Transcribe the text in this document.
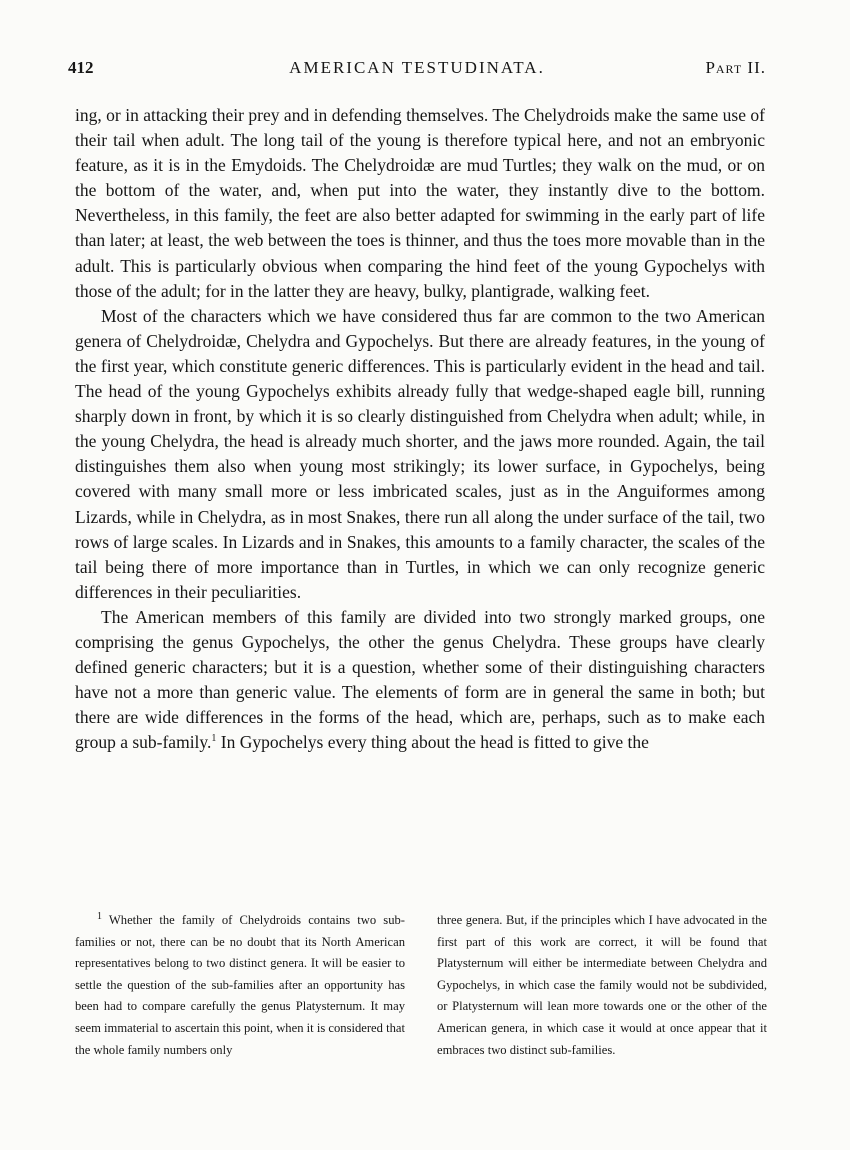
412	AMERICAN TESTUDINATA.	Part II.

ing, or in attacking their prey and in defending themselves. The Chelydroids make the same use of their tail when adult. The long tail of the young is therefore typical here, and not an embryonic feature, as it is in the Emydoids. The Chelydroidæ are mud Turtles; they walk on the mud, or on the bottom of the water, and, when put into the water, they instantly dive to the bottom. Nevertheless, in this family, the feet are also better adapted for swimming in the early part of life than later; at least, the web between the toes is thinner, and thus the toes more movable than in the adult. This is particularly obvious when comparing the hind feet of the young Gypochelys with those of the adult; for in the latter they are heavy, bulky, plantigrade, walking feet.

Most of the characters which we have considered thus far are common to the two American genera of Chelydroidæ, Chelydra and Gypochelys. But there are already features, in the young of the first year, which constitute generic differences. This is particularly evident in the head and tail. The head of the young Gypochelys exhibits already fully that wedge-shaped eagle bill, running sharply down in front, by which it is so clearly distinguished from Chelydra when adult; while, in the young Chelydra, the head is already much shorter, and the jaws more rounded. Again, the tail distinguishes them also when young most strikingly; its lower surface, in Gypochelys, being covered with many small more or less imbricated scales, just as in the Anguiformes among Lizards, while in Chelydra, as in most Snakes, there run all along the under surface of the tail, two rows of large scales. In Lizards and in Snakes, this amounts to a family character, the scales of the tail being there of more importance than in Turtles, in which we can only recognize generic differences in their peculiarities.

The American members of this family are divided into two strongly marked groups, one comprising the genus Gypochelys, the other the genus Chelydra. These groups have clearly defined generic characters; but it is a question, whether some of their distinguishing characters have not a more than generic value. The elements of form are in general the same in both; but there are wide differences in the forms of the head, which are, perhaps, such as to make each group a sub-family.$^1$ In Gypochelys every thing about the head is fitted to give the

$^1$ Whether the family of Chelydroids contains two sub-families or not, there can be no doubt that its North American representatives belong to two distinct genera. It will be easier to settle the question of the sub-families after an opportunity has been had to compare carefully the genus Platysternum. It may seem immaterial to ascertain this point, when it is considered that the whole family numbers only

three genera. But, if the principles which I have advocated in the first part of this work are correct, it will be found that Platysternum will either be intermediate between Chelydra and Gypochelys, in which case the family would not be subdivided, or Platysternum will lean more towards one or the other of the American genera, in which case it would at once appear that it embraces two distinct sub-families.
